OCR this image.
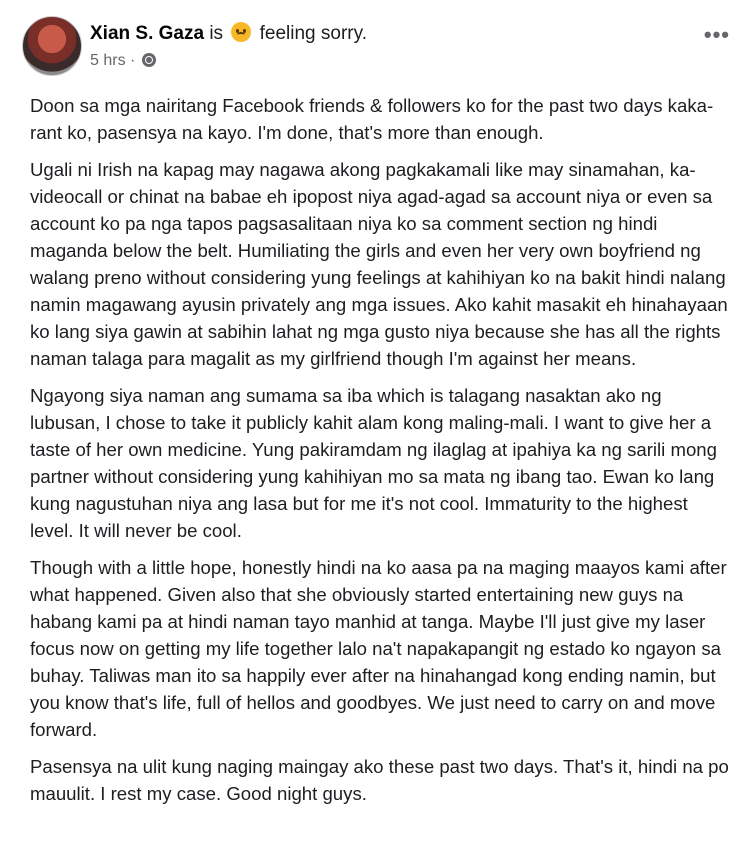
Xian S. Gaza is feeling sorry.
5 hrs ·
•••

Doon sa mga nairitang Facebook friends & followers ko for the past two days kaka-rant ko, pasensya na kayo. I'm done, that's more than enough.

Ugali ni Irish na kapag may nagawa akong pagkakamali like may sinamahan, ka-videocall or chinat na babae eh ipopost niya agad-agad sa account niya or even sa account ko pa nga tapos pagsasalitaan niya ko sa comment section ng hindi maganda below the belt. Humiliating the girls and even her very own boyfriend ng walang preno without considering yung feelings at kahihiyan ko na bakit hindi nalang namin magawang ayusin privately ang mga issues. Ako kahit masakit eh hinahayaan ko lang siya gawin at sabihin lahat ng mga gusto niya because she has all the rights naman talaga para magalit as my girlfriend though I'm against her means.

Ngayong siya naman ang sumama sa iba which is talagang nasaktan ako ng lubusan, I chose to take it publicly kahit alam kong maling-mali. I want to give her a taste of her own medicine. Yung pakiramdam ng ilaglag at ipahiya ka ng sarili mong partner without considering yung kahihiyan mo sa mata ng ibang tao. Ewan ko lang kung nagustuhan niya ang lasa but for me it's not cool. Immaturity to the highest level. It will never be cool.

Though with a little hope, honestly hindi na ko aasa pa na maging maayos kami after what happened. Given also that she obviously started entertaining new guys na habang kami pa at hindi naman tayo manhid at tanga. Maybe I'll just give my laser focus now on getting my life together lalo na't napakapangit ng estado ko ngayon sa buhay. Taliwas man ito sa happily ever after na hinahangad kong ending namin, but you know that's life, full of hellos and goodbyes. We just need to carry on and move forward.

Pasensya na ulit kung naging maingay ako these past two days. That's it, hindi na po mauulit. I rest my case. Good night guys.
